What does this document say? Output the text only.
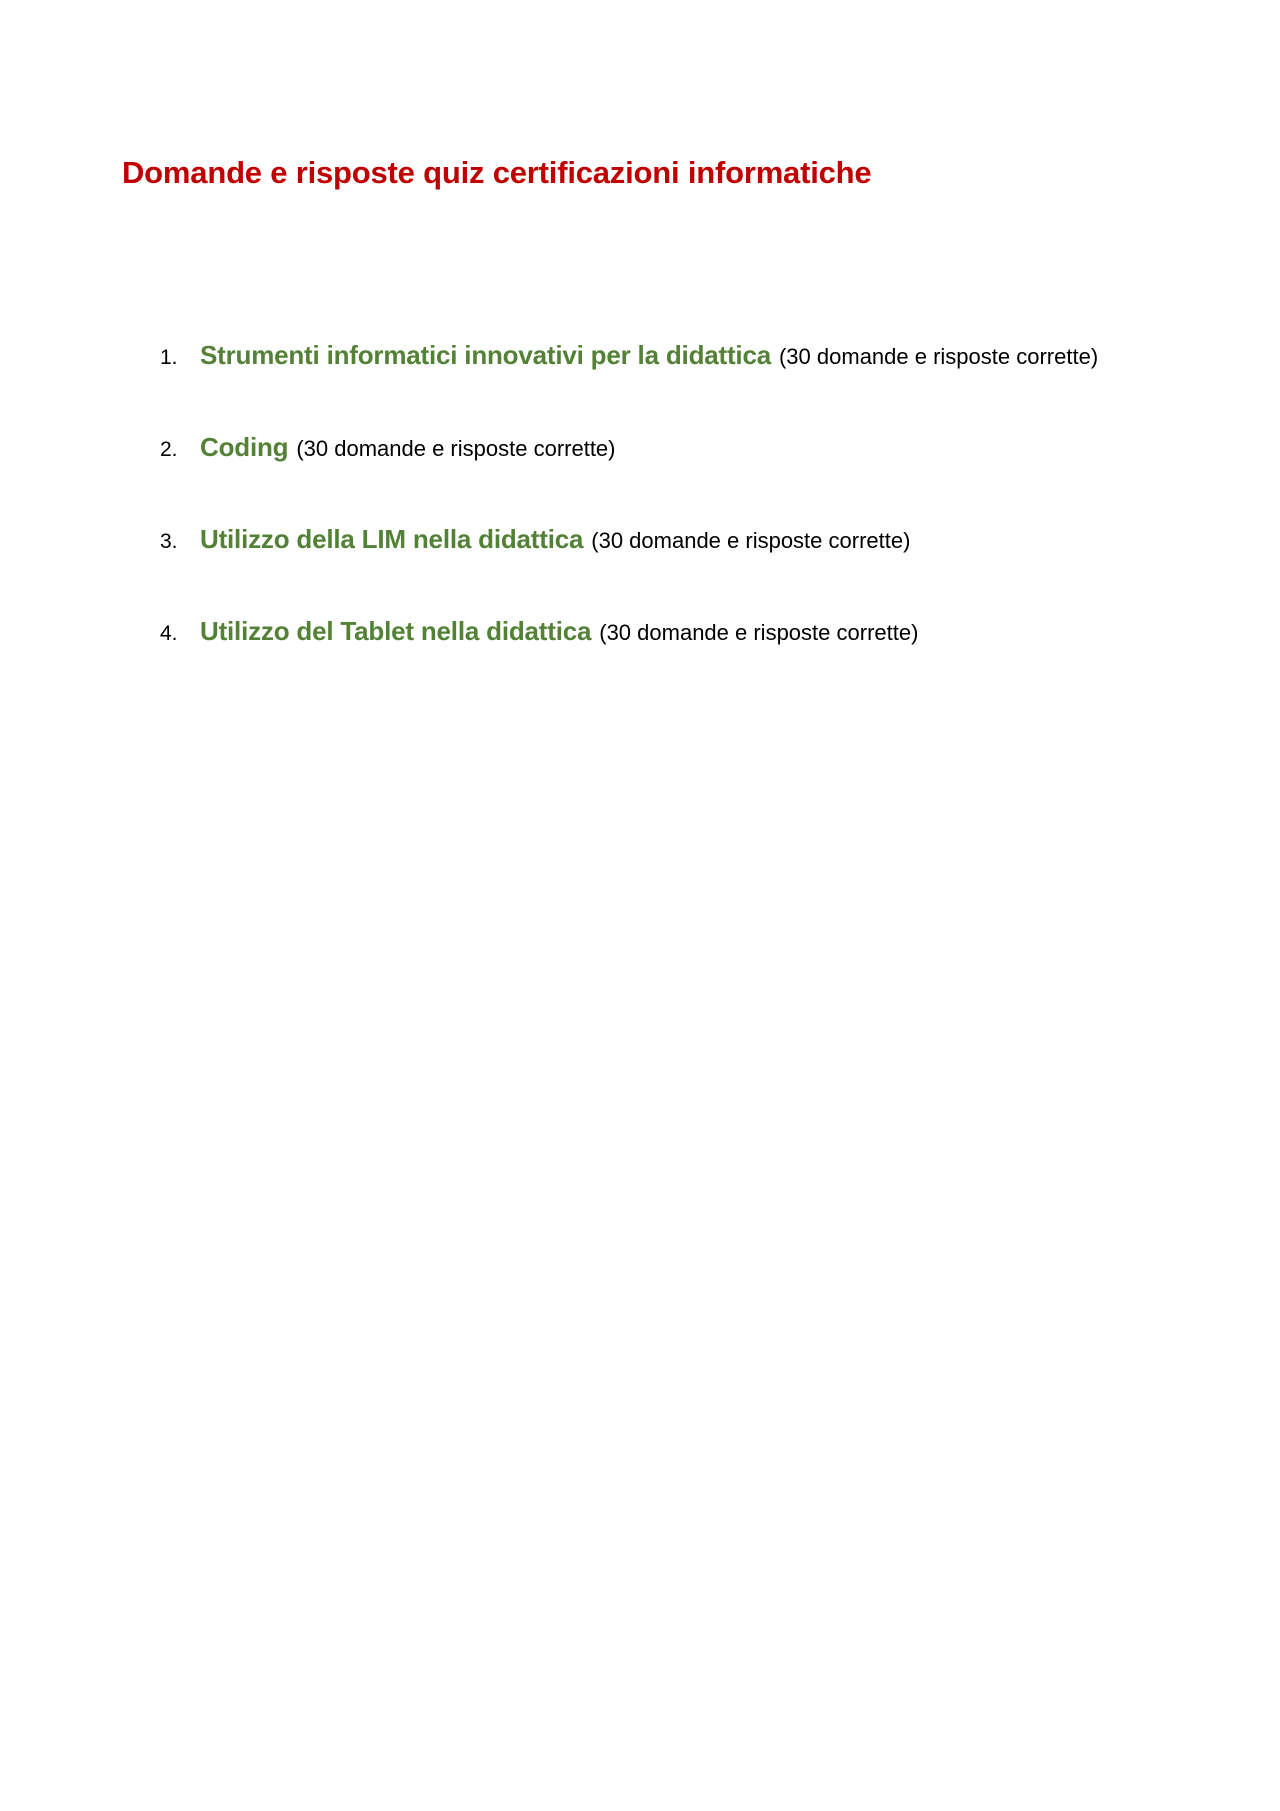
Domande e risposte quiz certificazioni informatiche
1. Strumenti informatici innovativi per la didattica (30 domande e risposte corrette)
2. Coding (30 domande e risposte corrette)
3. Utilizzo della LIM nella didattica (30 domande e risposte corrette)
4. Utilizzo del Tablet nella didattica (30 domande e risposte corrette)
